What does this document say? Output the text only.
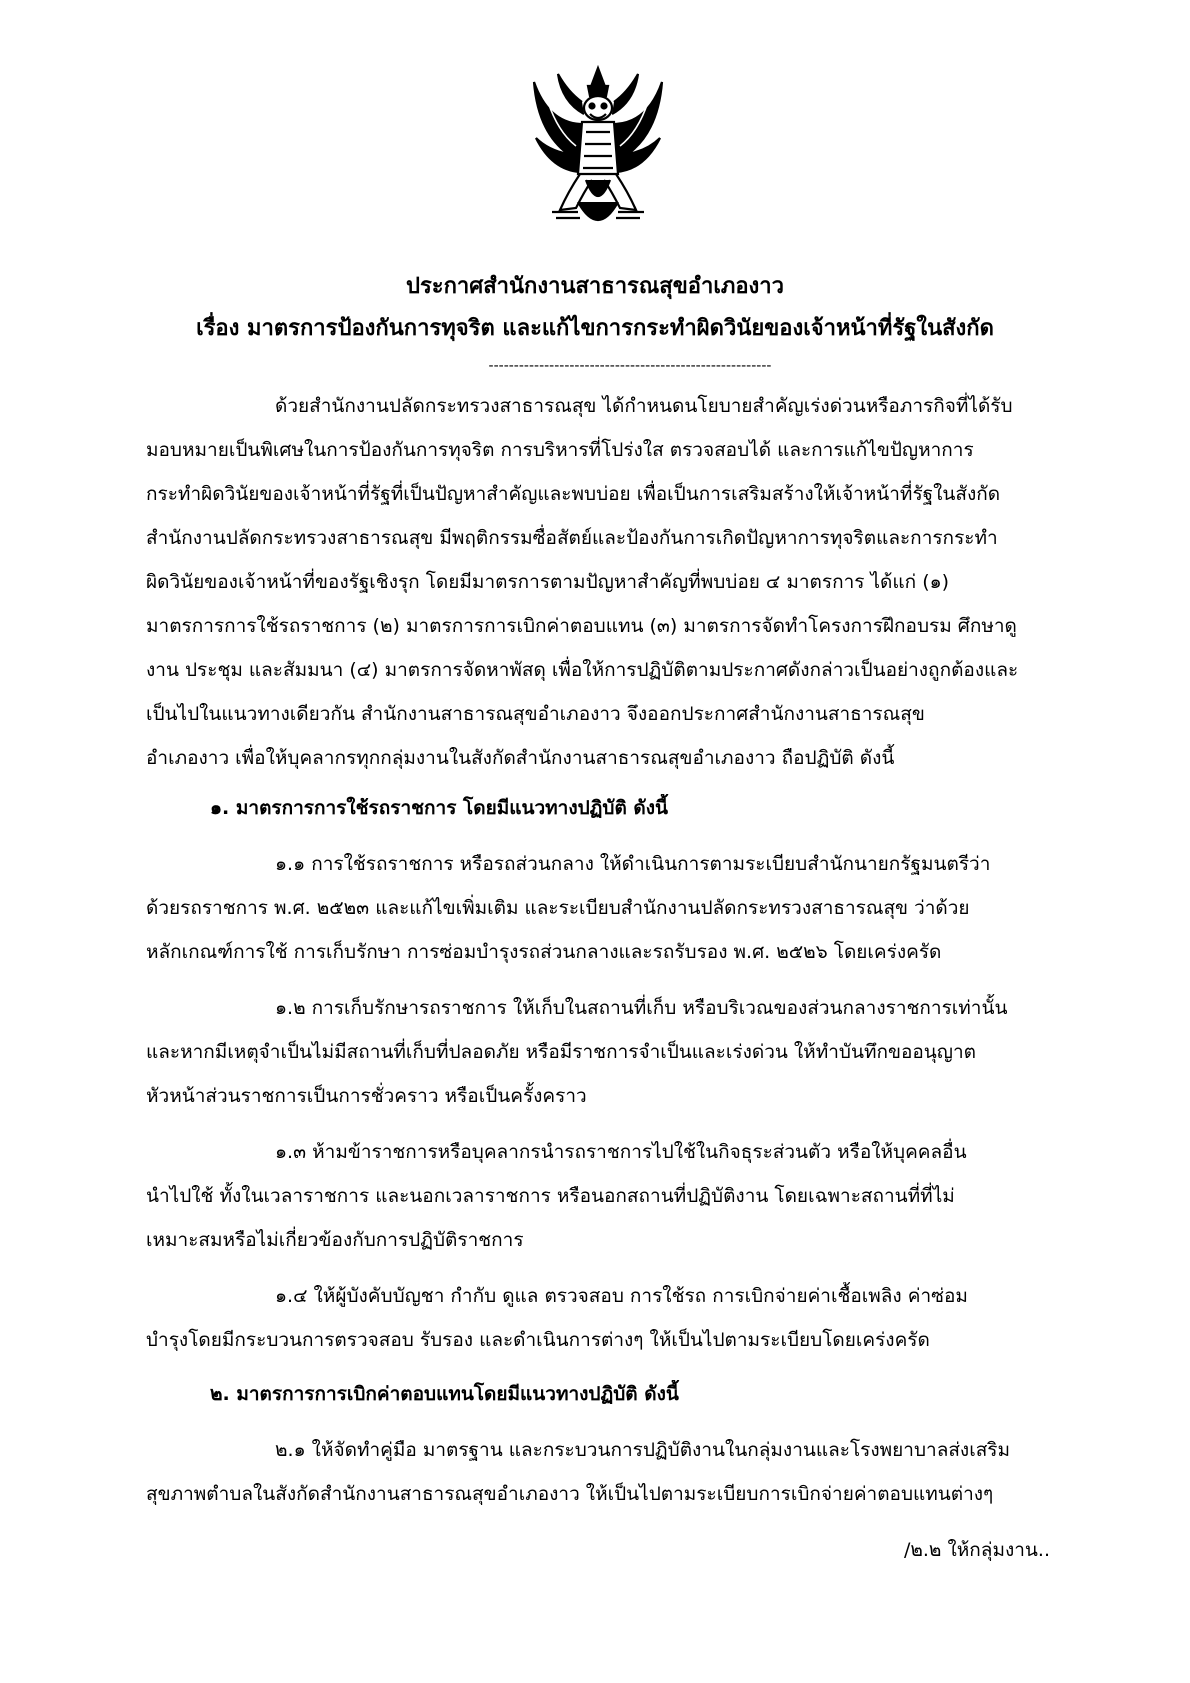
ประกาศสำนักงานสาธารณสุขอำเภองาว
เรื่อง มาตรการป้องกันการทุจริต และแก้ไขการกระทำผิดวินัยของเจ้าหน้าที่รัฐในสังกัด
--------------------------------------------------------
ด้วยสำนักงานปลัดกระทรวงสาธารณสุข ได้กำหนดนโยบายสำคัญเร่งด่วนหรือภารกิจที่ได้รับ
มอบหมายเป็นพิเศษในการป้องกันการทุจริต การบริหารที่โปร่งใส ตรวจสอบได้ และการแก้ไขปัญหาการ
กระทำผิดวินัยของเจ้าหน้าที่รัฐที่เป็นปัญหาสำคัญและพบบ่อย เพื่อเป็นการเสริมสร้างให้เจ้าหน้าที่รัฐในสังกัด
สำนักงานปลัดกระทรวงสาธารณสุข มีพฤติกรรมซื่อสัตย์และป้องกันการเกิดปัญหาการทุจริตและการกระทำ
ผิดวินัยของเจ้าหน้าที่ของรัฐเชิงรุก โดยมีมาตรการตามปัญหาสำคัญที่พบบ่อย ๔ มาตรการ ได้แก่ (๑)
มาตรการการใช้รถราชการ (๒) มาตรการการเบิกค่าตอบแทน (๓) มาตรการจัดทำโครงการฝึกอบรม ศึกษาดู
งาน ประชุม และสัมมนา (๔) มาตรการจัดหาพัสดุ เพื่อให้การปฏิบัติตามประกาศดังกล่าวเป็นอย่างถูกต้องและ
เป็นไปในแนวทางเดียวกัน สำนักงานสาธารณสุขอำเภองาว จึงออกประกาศสำนักงานสาธารณสุข
อำเภองาว เพื่อให้บุคลากรทุกกลุ่มงานในสังกัดสำนักงานสาธารณสุขอำเภองาว ถือปฏิบัติ ดังนี้
๑. มาตรการการใช้รถราชการ โดยมีแนวทางปฏิบัติ ดังนี้
๑.๑ การใช้รถราชการ หรือรถส่วนกลาง ให้ดำเนินการตามระเบียบสำนักนายกรัฐมนตรีว่า
ด้วยรถราชการ พ.ศ. ๒๕๒๓ และแก้ไขเพิ่มเติม และระเบียบสำนักงานปลัดกระทรวงสาธารณสุข ว่าด้วย
หลักเกณฑ์การใช้ การเก็บรักษา การซ่อมบำรุงรถส่วนกลางและรถรับรอง พ.ศ. ๒๕๒๖ โดยเคร่งครัด
๑.๒ การเก็บรักษารถราชการ ให้เก็บในสถานที่เก็บ หรือบริเวณของส่วนกลางราชการเท่านั้น
และหากมีเหตุจำเป็นไม่มีสถานที่เก็บที่ปลอดภัย หรือมีราชการจำเป็นและเร่งด่วน ให้ทำบันทึกขออนุญาต
หัวหน้าส่วนราชการเป็นการชั่วคราว หรือเป็นครั้งคราว
๑.๓ ห้ามข้าราชการหรือบุคลากรนำรถราชการไปใช้ในกิจธุระส่วนตัว หรือให้บุคคลอื่น
นำไปใช้ ทั้งในเวลาราชการ และนอกเวลาราชการ หรือนอกสถานที่ปฏิบัติงาน โดยเฉพาะสถานที่ที่ไม่
เหมาะสมหรือไม่เกี่ยวข้องกับการปฏิบัติราชการ
๑.๔ ให้ผู้บังคับบัญชา กำกับ ดูแล ตรวจสอบ การใช้รถ การเบิกจ่ายค่าเชื้อเพลิง ค่าซ่อม
บำรุงโดยมีกระบวนการตรวจสอบ รับรอง และดำเนินการต่างๆ ให้เป็นไปตามระเบียบโดยเคร่งครัด
๒. มาตรการการเบิกค่าตอบแทนโดยมีแนวทางปฏิบัติ ดังนี้
๒.๑ ให้จัดทำคู่มือ มาตรฐาน และกระบวนการปฏิบัติงานในกลุ่มงานและโรงพยาบาลส่งเสริม
สุขภาพตำบลในสังกัดสำนักงานสาธารณสุขอำเภองาว ให้เป็นไปตามระเบียบการเบิกจ่ายค่าตอบแทนต่างๆ
/๒.๒ ให้กลุ่มงาน..
